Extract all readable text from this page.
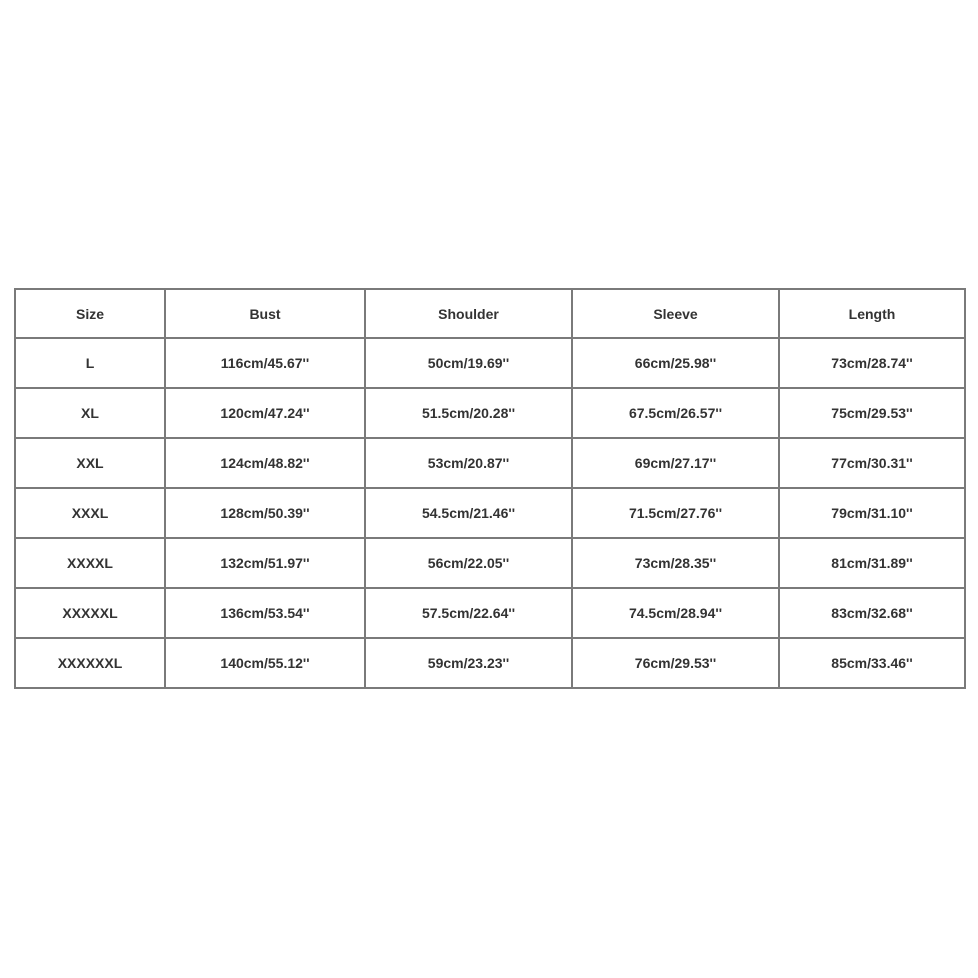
Size	Bust	Shoulder	Sleeve	Length
L	116cm/45.67''	50cm/19.69''	66cm/25.98''	73cm/28.74''
XL	120cm/47.24''	51.5cm/20.28''	67.5cm/26.57''	75cm/29.53''
XXL	124cm/48.82''	53cm/20.87''	69cm/27.17''	77cm/30.31''
XXXL	128cm/50.39''	54.5cm/21.46''	71.5cm/27.76''	79cm/31.10''
XXXXL	132cm/51.97''	56cm/22.05''	73cm/28.35''	81cm/31.89''
XXXXXL	136cm/53.54''	57.5cm/22.64''	74.5cm/28.94''	83cm/32.68''
XXXXXXL	140cm/55.12''	59cm/23.23''	76cm/29.53''	85cm/33.46''
